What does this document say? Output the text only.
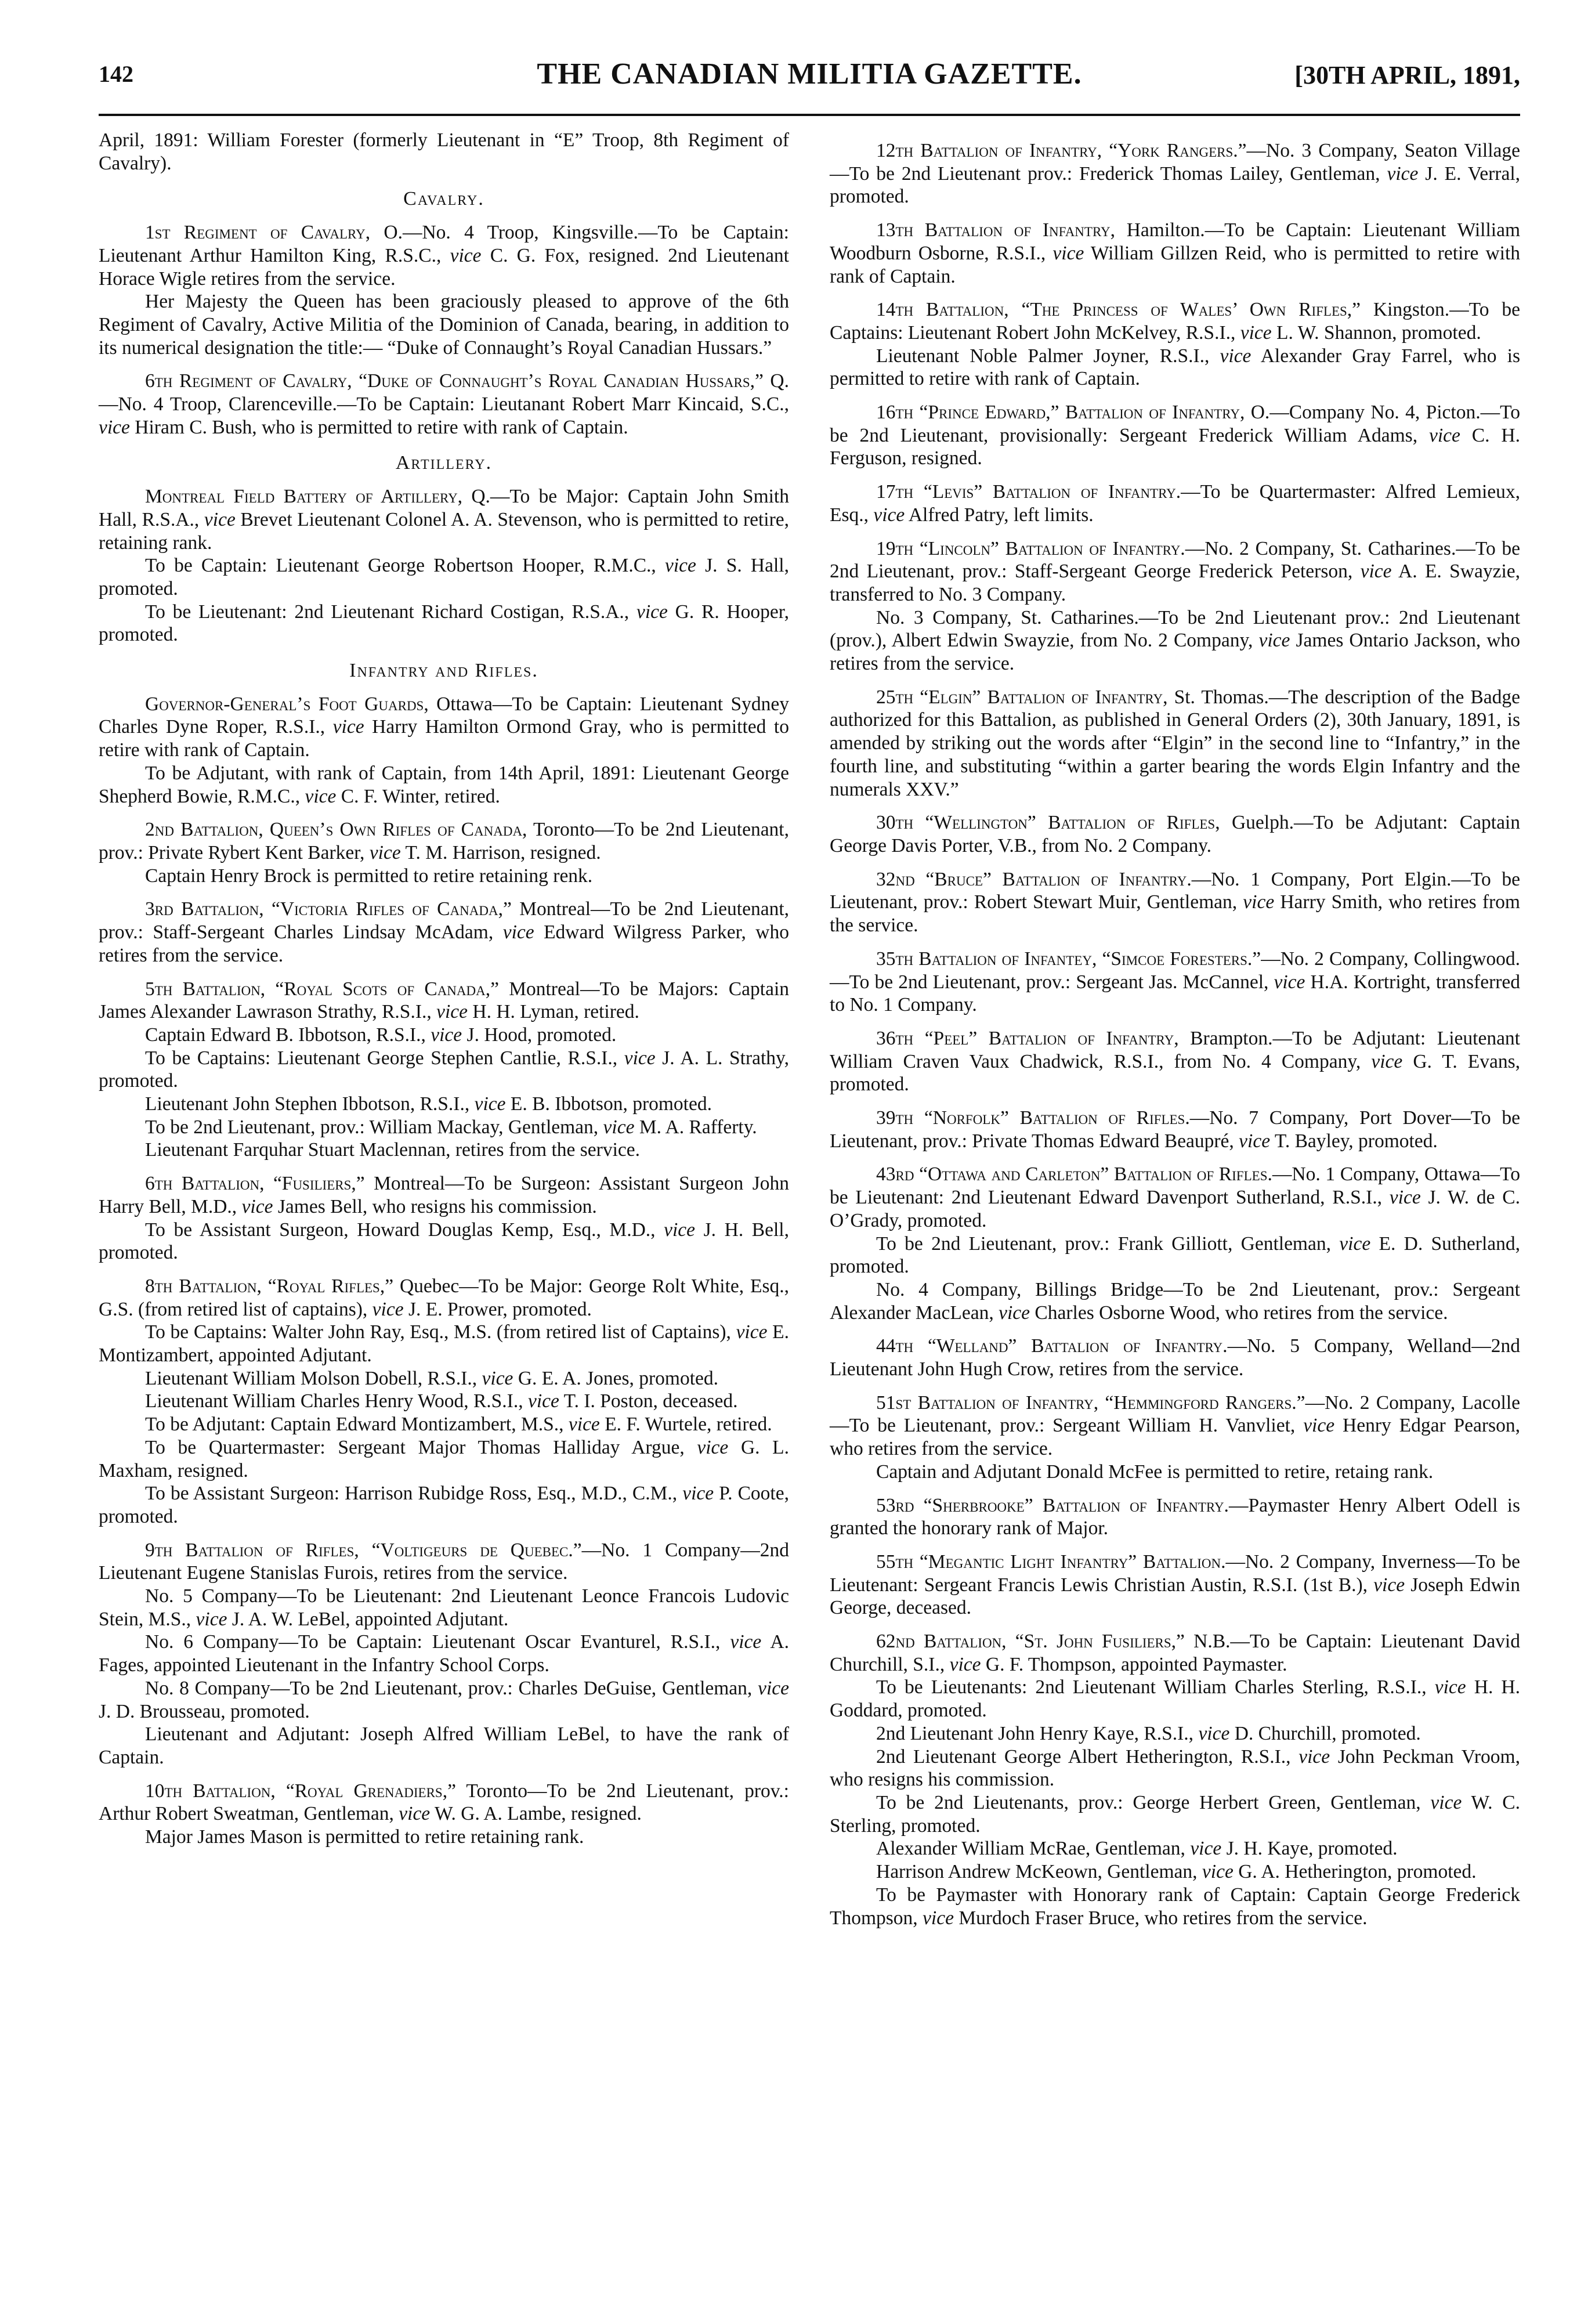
142	THE CANADIAN MILITIA GAZETTE.	[30TH APRIL, 1891,

April, 1891: William Forester (formerly Lieutenant in “E” Troop, 8th Regiment of Cavalry).

Cavalry.

1st Regiment of Cavalry, O.—No. 4 Troop, Kingsville.—To be Captain: Lieutenant Arthur Hamilton King, R.S.C., vice C. G. Fox, resigned. 2nd Lieutenant Horace Wigle retires from the service.

Her Majesty the Queen has been graciously pleased to approve of the 6th Regiment of Cavalry, Active Militia of the Dominion of Canada, bearing, in addition to its numerical designation the title:— “Duke of Connaught’s Royal Canadian Hussars.”

6th Regiment of Cavalry, “Duke of Connaught’s Royal Canadian Hussars,” Q.—No. 4 Troop, Clarenceville.—To be Captain: Lieutanant Robert Marr Kincaid, S.C., vice Hiram C. Bush, who is permitted to retire with rank of Captain.

Artillery.

Montreal Field Battery of Artillery, Q.—To be Major: Captain John Smith Hall, R.S.A., vice Brevet Lieutenant Colonel A. A. Stevenson, who is permitted to retire, retaining rank.

To be Captain: Lieutenant George Robertson Hooper, R.M.C., vice J. S. Hall, promoted.

To be Lieutenant: 2nd Lieutenant Richard Costigan, R.S.A., vice G. R. Hooper, promoted.

Infantry and Rifles.

Governor-General’s Foot Guards, Ottawa—To be Captain: Lieutenant Sydney Charles Dyne Roper, R.S.I., vice Harry Hamilton Ormond Gray, who is permitted to retire with rank of Captain.

To be Adjutant, with rank of Captain, from 14th April, 1891: Lieutenant George Shepherd Bowie, R.M.C., vice C. F. Winter, retired.

2nd Battalion, Queen’s Own Rifles of Canada, Toronto—To be 2nd Lieutenant, prov.: Private Rybert Kent Barker, vice T. M. Harrison, resigned.

Captain Henry Brock is permitted to retire retaining renk.

3rd Battalion, “Victoria Rifles of Canada,” Montreal—To be 2nd Lieutenant, prov.: Staff-Sergeant Charles Lindsay McAdam, vice Edward Wilgress Parker, who retires from the service.

5th Battalion, “Royal Scots of Canada,” Montreal—To be Majors: Captain James Alexander Lawrason Strathy, R.S.I., vice H. H. Lyman, retired.

Captain Edward B. Ibbotson, R.S.I., vice J. Hood, promoted.

To be Captains: Lieutenant George Stephen Cantlie, R.S.I., vice J. A. L. Strathy, promoted.

Lieutenant John Stephen Ibbotson, R.S.I., vice E. B. Ibbotson, promoted.

To be 2nd Lieutenant, prov.: William Mackay, Gentleman, vice M. A. Rafferty.

Lieutenant Farquhar Stuart Maclennan, retires from the service.

6th Battalion, “Fusiliers,” Montreal—To be Surgeon: Assistant Surgeon John Harry Bell, M.D., vice James Bell, who resigns his commission.

To be Assistant Surgeon, Howard Douglas Kemp, Esq., M.D., vice J. H. Bell, promoted.

8th Battalion, “Royal Rifles,” Quebec—To be Major: George Rolt White, Esq., G.S. (from retired list of captains), vice J. E. Prower, promoted.

To be Captains: Walter John Ray, Esq., M.S. (from retired list of Captains), vice E. Montizambert, appointed Adjutant.

Lieutenant William Molson Dobell, R.S.I., vice G. E. A. Jones, promoted.

Lieutenant William Charles Henry Wood, R.S.I., vice T. I. Poston, deceased.

To be Adjutant: Captain Edward Montizambert, M.S., vice E. F. Wurtele, retired.

To be Quartermaster: Sergeant Major Thomas Halliday Argue, vice G. L. Maxham, resigned.

To be Assistant Surgeon: Harrison Rubidge Ross, Esq., M.D., C.M., vice P. Coote, promoted.

9th Battalion of Rifles, “Voltigeurs de Quebec.”—No. 1 Company—2nd Lieutenant Eugene Stanislas Furois, retires from the service.

No. 5 Company—To be Lieutenant: 2nd Lieutenant Leonce Francois Ludovic Stein, M.S., vice J. A. W. LeBel, appointed Adjutant.

No. 6 Company—To be Captain: Lieutenant Oscar Evanturel, R.S.I., vice A. Fages, appointed Lieutenant in the Infantry School Corps.

No. 8 Company—To be 2nd Lieutenant, prov.: Charles DeGuise, Gentleman, vice J. D. Brousseau, promoted.

Lieutenant and Adjutant: Joseph Alfred William LeBel, to have the rank of Captain.

10th Battalion, “Royal Grenadiers,” Toronto—To be 2nd Lieutenant, prov.: Arthur Robert Sweatman, Gentleman, vice W. G. A. Lambe, resigned.

Major James Mason is permitted to retire retaining rank.

12th Battalion of Infantry, “York Rangers.”—No. 3 Company, Seaton Village—To be 2nd Lieutenant prov.: Frederick Thomas Lailey, Gentleman, vice J. E. Verral, promoted.

13th Battalion of Infantry, Hamilton.—To be Captain: Lieutenant William Woodburn Osborne, R.S.I., vice William Gillzen Reid, who is permitted to retire with rank of Captain.

14th Battalion, “The Princess of Wales’ Own Rifles,” Kingston.—To be Captains: Lieutenant Robert John McKelvey, R.S.I., vice L. W. Shannon, promoted.

Lieutenant Noble Palmer Joyner, R.S.I., vice Alexander Gray Farrel, who is permitted to retire with rank of Captain.

16th “Prince Edward,” Battalion of Infantry, O.—Company No. 4, Picton.—To be 2nd Lieutenant, provisionally: Sergeant Frederick William Adams, vice C. H. Ferguson, resigned.

17th “Levis” Battalion of Infantry.—To be Quartermaster: Alfred Lemieux, Esq., vice Alfred Patry, left limits.

19th “Lincoln” Battalion of Infantry.—No. 2 Company, St. Catharines.—To be 2nd Lieutenant, prov.: Staff-Sergeant George Frederick Peterson, vice A. E. Swayzie, transferred to No. 3 Company.

No. 3 Company, St. Catharines.—To be 2nd Lieutenant prov.: 2nd Lieutenant (prov.), Albert Edwin Swayzie, from No. 2 Company, vice James Ontario Jackson, who retires from the service.

25th “Elgin” Battalion of Infantry, St. Thomas.—The description of the Badge authorized for this Battalion, as published in General Orders (2), 30th January, 1891, is amended by striking out the words after “Elgin” in the second line to “Infantry,” in the fourth line, and substituting “within a garter bearing the words Elgin Infantry and the numerals XXV.”

30th “Wellington” Battalion of Rifles, Guelph.—To be Adjutant: Captain George Davis Porter, V.B., from No. 2 Company.

32nd “Bruce” Battalion of Infantry.—No. 1 Company, Port Elgin.—To be Lieutenant, prov.: Robert Stewart Muir, Gentleman, vice Harry Smith, who retires from the service.

35th Battalion of Infantey, “Simcoe Foresters.”—No. 2 Company, Collingwood.—To be 2nd Lieutenant, prov.: Sergeant Jas. McCannel, vice H.A. Kortright, transferred to No. 1 Company.

36th “Peel” Battalion of Infantry, Brampton.—To be Adjutant: Lieutenant William Craven Vaux Chadwick, R.S.I., from No. 4 Company, vice G. T. Evans, promoted.

39th “Norfolk” Battalion of Rifles.—No. 7 Company, Port Dover—To be Lieutenant, prov.: Private Thomas Edward Beaupré, vice T. Bayley, promoted.

43rd “Ottawa and Carleton” Battalion of Rifles.—No. 1 Company, Ottawa—To be Lieutenant: 2nd Lieutenant Edward Davenport Sutherland, R.S.I., vice J. W. de C. O’Grady, promoted.

To be 2nd Lieutenant, prov.: Frank Gilliott, Gentleman, vice E. D. Sutherland, promoted.

No. 4 Company, Billings Bridge—To be 2nd Lieutenant, prov.: Sergeant Alexander MacLean, vice Charles Osborne Wood, who retires from the service.

44th “Welland” Battalion of Infantry.—No. 5 Company, Welland—2nd Lieutenant John Hugh Crow, retires from the service.

51st Battalion of Infantry, “Hemmingford Rangers.”—No. 2 Company, Lacolle—To be Lieutenant, prov.: Sergeant William H. Vanvliet, vice Henry Edgar Pearson, who retires from the service.

Captain and Adjutant Donald McFee is permitted to retire, retaing rank.

53rd “Sherbrooke” Battalion of Infantry.—Paymaster Henry Albert Odell is granted the honorary rank of Major.

55th “Megantic Light Infantry” Battalion.—No. 2 Company, Inverness—To be Lieutenant: Sergeant Francis Lewis Christian Austin, R.S.I. (1st B.), vice Joseph Edwin George, deceased.

62nd Battalion, “St. John Fusiliers,” N.B.—To be Captain: Lieutenant David Churchill, S.I., vice G. F. Thompson, appointed Paymaster.

To be Lieutenants: 2nd Lieutenant William Charles Sterling, R.S.I., vice H. H. Goddard, promoted.

2nd Lieutenant John Henry Kaye, R.S.I., vice D. Churchill, promoted.

2nd Lieutenant George Albert Hetherington, R.S.I., vice John Peckman Vroom, who resigns his commission.

To be 2nd Lieutenants, prov.: George Herbert Green, Gentleman, vice W. C. Sterling, promoted.

Alexander William McRae, Gentleman, vice J. H. Kaye, promoted.

Harrison Andrew McKeown, Gentleman, vice G. A. Hetherington, promoted.

To be Paymaster with Honorary rank of Captain: Captain George Frederick Thompson, vice Murdoch Fraser Bruce, who retires from the service.
